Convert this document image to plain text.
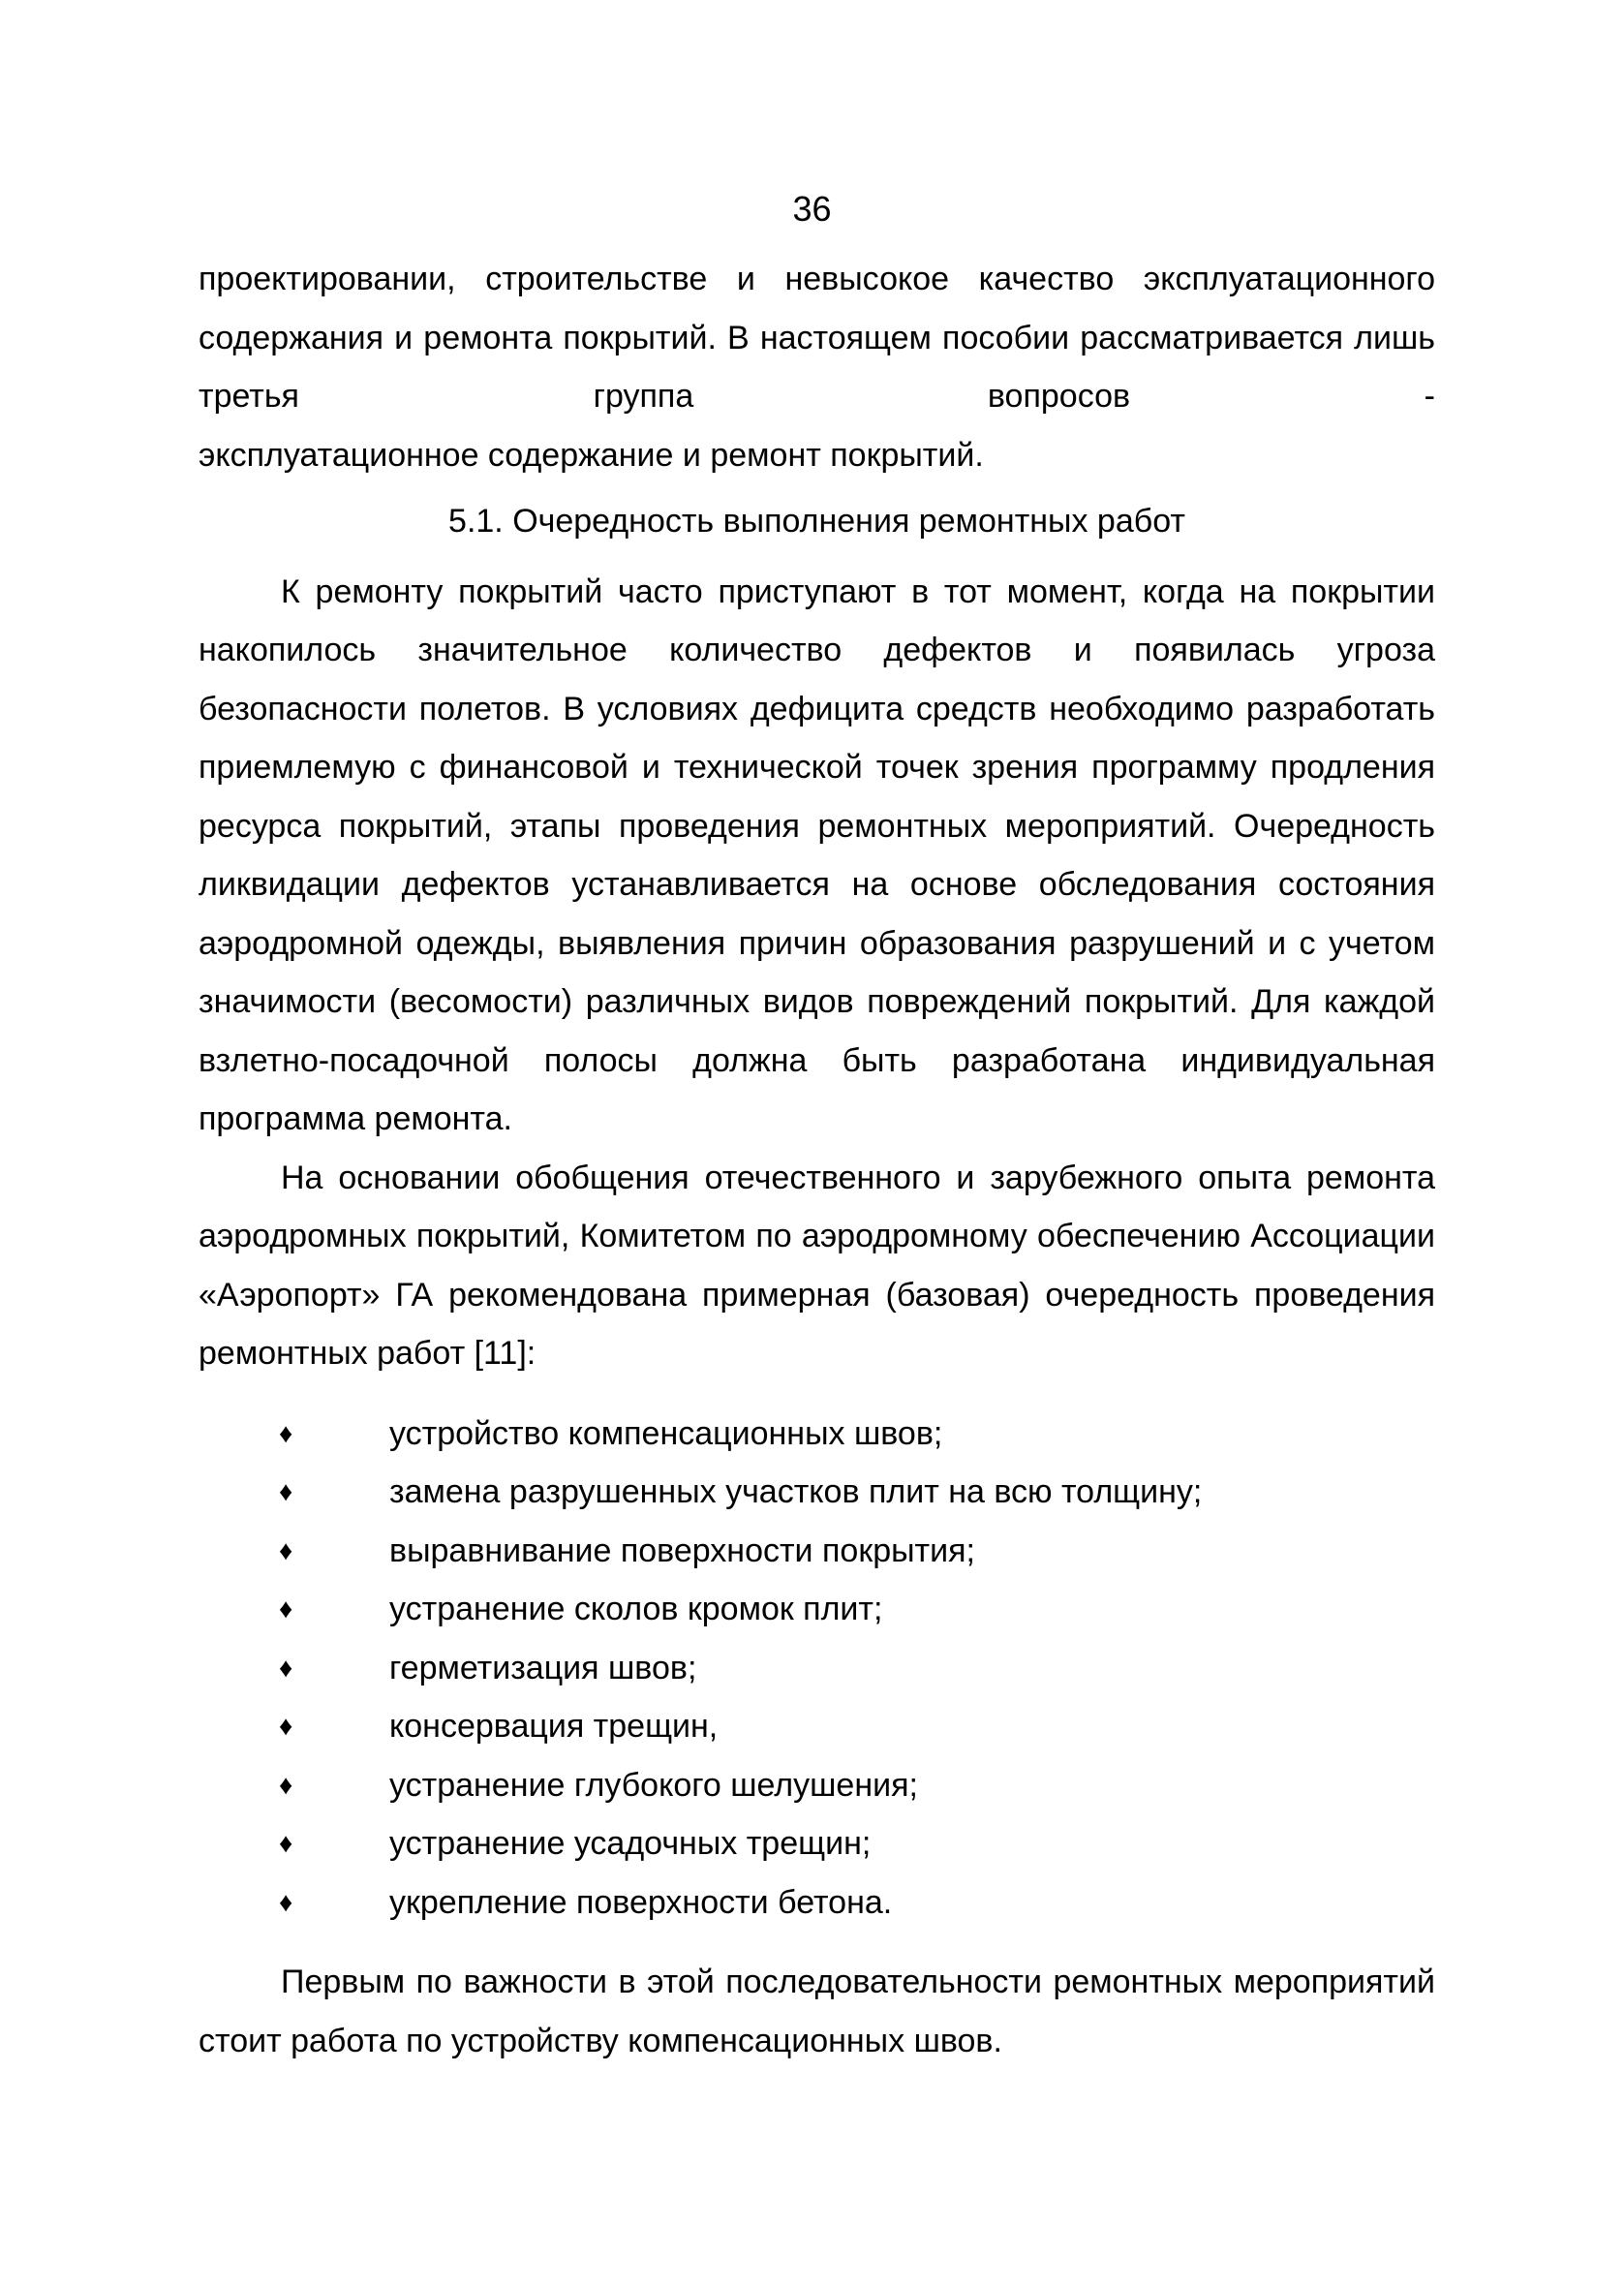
36

проектировании, строительстве и невысокое качество эксплуатационного содержания и ремонта покрытий. В настоящем пособии рассматривается лишь третья группа вопросов -
эксплуатационное содержание и ремонт покрытий.

5.1. Очередность выполнения ремонтных работ

К ремонту покрытий часто приступают в тот момент, когда на покрытии накопилось значительное количество дефектов и появилась угроза безопасности полетов. В условиях дефицита средств необходимо разработать приемлемую с финансовой и технической точек зрения программу продления ресурса покрытий, этапы проведения ремонтных мероприятий. Очередность ликвидации дефектов устанавливается на основе обследования состояния аэродромной одежды, выявления причин образования разрушений и с учетом значимости (весомости) различных видов повреждений покрытий. Для каждой взлетно-посадочной полосы должна быть разработана индивидуальная программа ремонта.

На основании обобщения отечественного и зарубежного опыта ремонта аэродромных покрытий, Комитетом по аэродромному обеспечению Ассоциации «Аэропорт» ГА рекомендована примерная (базовая) очередность проведения ремонтных работ [11]:

♦	устройство компенсационных швов;
♦	замена разрушенных участков плит на всю толщину;
♦	выравнивание поверхности покрытия;
♦	устранение сколов кромок плит;
♦	герметизация швов;
♦	консервация трещин,
♦	устранение глубокого шелушения;
♦	устранение усадочных трещин;
♦	укрепление поверхности бетона.

Первым по важности в этой последовательности ремонтных мероприятий стоит работа по устройству компенсационных швов.
